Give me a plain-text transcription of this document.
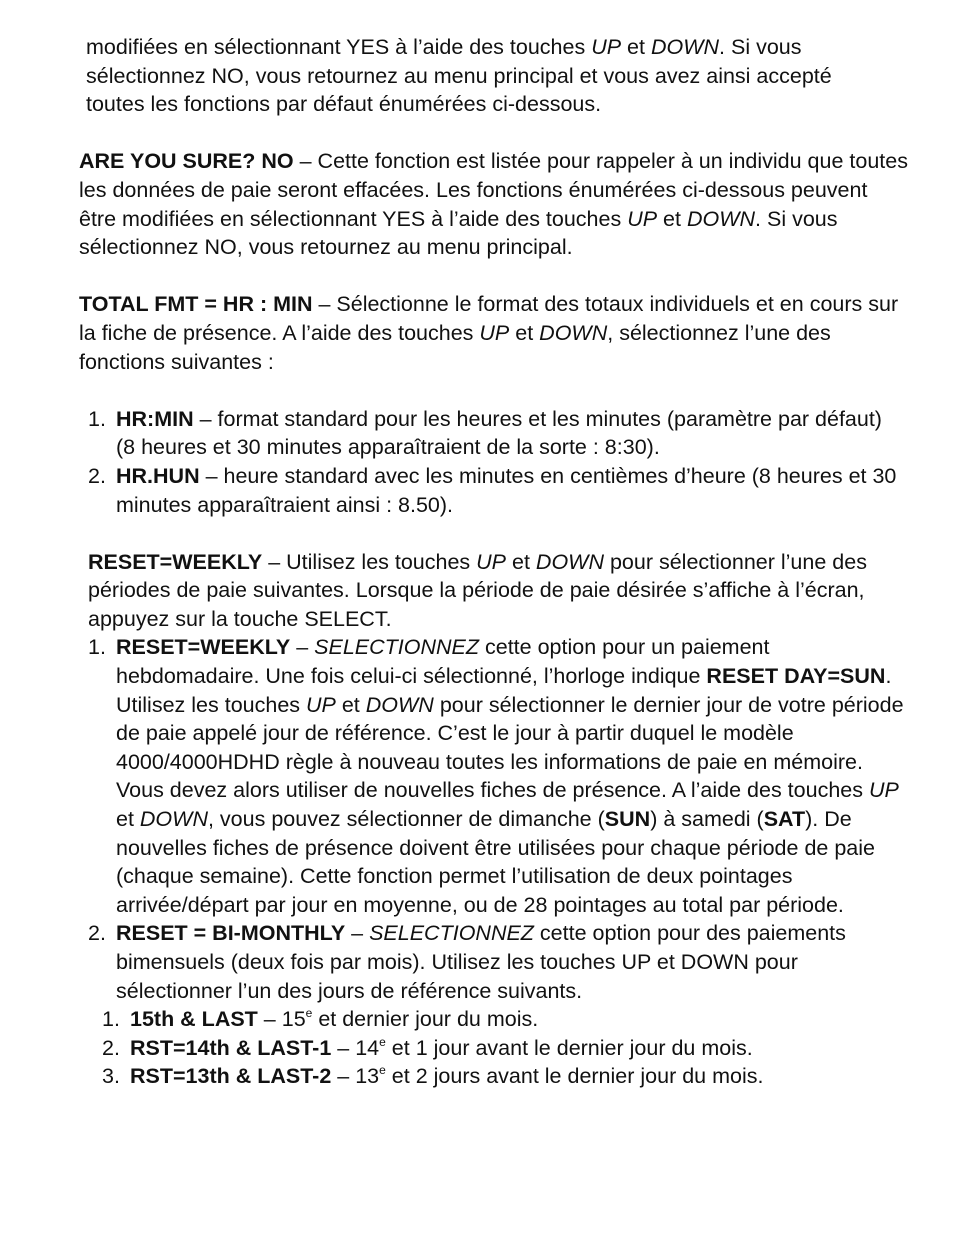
modifiées en sélectionnant YES à l’aide des touches UP et DOWN. Si vous sélectionnez NO, vous retournez au menu principal et vous avez ainsi accepté toutes les fonctions par défaut énumérées ci-dessous.

ARE YOU SURE? NO – Cette fonction est listée pour rappeler à un individu que toutes les données de paie seront effacées. Les fonctions énumérées ci-dessous peuvent être modifiées en sélectionnant YES à l’aide des touches UP et DOWN. Si vous sélectionnez NO, vous retournez au menu principal.

TOTAL FMT = HR : MIN – Sélectionne le format des totaux individuels et en cours sur la fiche de présence. A l’aide des touches UP et DOWN, sélectionnez l’une des fonctions suivantes :

1. HR:MIN – format standard pour les heures et les minutes (paramètre par défaut) (8 heures et 30 minutes apparaîtraient de la sorte : 8:30).
2. HR.HUN – heure standard avec les minutes en centièmes d’heure (8 heures et 30 minutes apparaîtraient ainsi : 8.50).

RESET=WEEKLY – Utilisez les touches UP et DOWN pour sélectionner l’une des périodes de paie suivantes. Lorsque la période de paie désirée s’affiche à l’écran, appuyez sur la touche SELECT.

1. RESET=WEEKLY – SELECTIONNEZ cette option pour un paiement hebdomadaire. Une fois celui-ci sélectionné, l’horloge indique RESET DAY=SUN. Utilisez les touches UP et DOWN pour sélectionner le dernier jour de votre période de paie appelé jour de référence. C’est le jour à partir duquel le modèle 4000/4000HDHD règle à nouveau toutes les informations de paie en mémoire. Vous devez alors utiliser de nouvelles fiches de présence. A l’aide des touches UP et DOWN, vous pouvez sélectionner de dimanche (SUN) à samedi (SAT). De nouvelles fiches de présence doivent être utilisées pour chaque période de paie (chaque semaine). Cette fonction permet l’utilisation de deux pointages arrivée/départ par jour en moyenne, ou de 28 pointages au total par période.
2. RESET = BI-MONTHLY – SELECTIONNEZ cette option pour des paiements bimensuels (deux fois par mois). Utilisez les touches UP et DOWN pour sélectionner l’un des jours de référence suivants.
1. 15th & LAST – 15e et dernier jour du mois.
2. RST=14th & LAST-1 – 14e et 1 jour avant le dernier jour du mois.
3. RST=13th & LAST-2 – 13e et 2 jours avant le dernier jour du mois.
